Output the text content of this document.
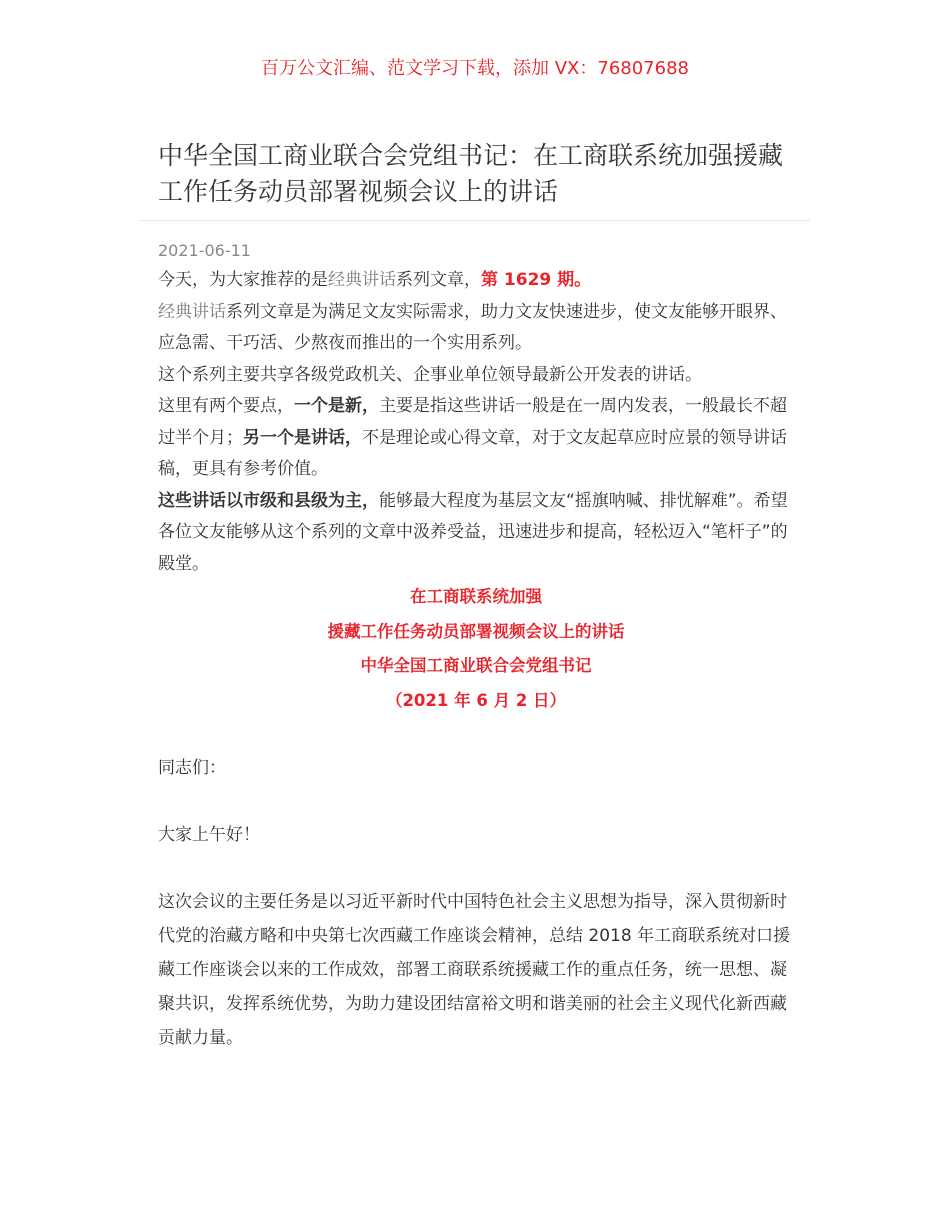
百万公文汇编、范文学习下载，添加 VX：76807688
中华全国工商业联合会党组书记：在工商联系统加强援藏工作任务动员部署视频会议上的讲话
2021-06-11

今天，为大家推荐的是经典讲话系列文章，第 1629 期。

经典讲话系列文章是为满足文友实际需求，助力文友快速进步，使文友能够开眼界、应急需、干巧活、少熬夜而推出的一个实用系列。

这个系列主要共享各级党政机关、企事业单位领导最新公开发表的讲话。

这里有两个要点，一个是新，主要是指这些讲话一般是在一周内发表，一般最长不超过半个月；另一个是讲话，不是理论或心得文章，对于文友起草应时应景的领导讲话稿，更具有参考价值。

这些讲话以市级和县级为主，能够最大程度为基层文友“摇旗呐喊、排忧解难”。希望各位文友能够从这个系列的文章中汲养受益，迅速进步和提高，轻松迈入“笔杆子”的殿堂。

在工商联系统加强
援藏工作任务动员部署视频会议上的讲话
中华全国工商业联合会党组书记
（2021 年 6 月 2 日）

同志们：

大家上午好！

这次会议的主要任务是以习近平新时代中国特色社会主义思想为指导，深入贯彻新时代党的治藏方略和中央第七次西藏工作座谈会精神，总结 2018 年工商联系统对口援藏工作座谈会以来的工作成效，部署工商联系统援藏工作的重点任务，统一思想、凝聚共识，发挥系统优势，为助力建设团结富裕文明和谐美丽的社会主义现代化新西藏贡献力量。
